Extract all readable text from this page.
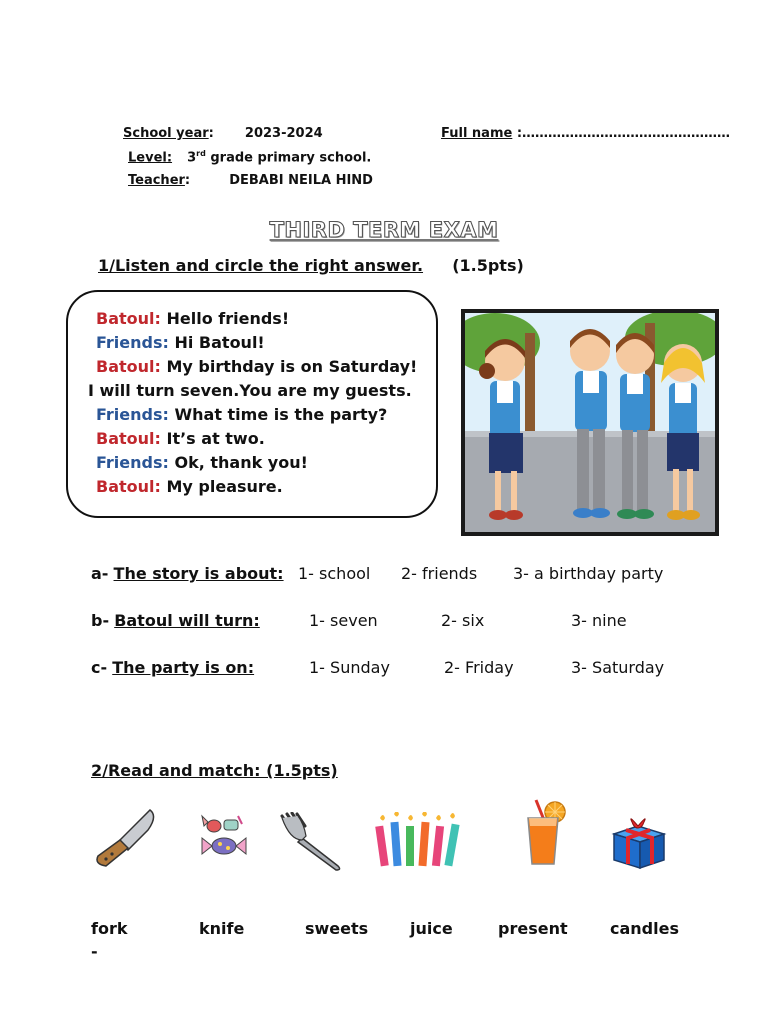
School year:  2023-2024	Full name :…………………………………………
Level: 3rd grade primary school.
Teacher:	DEBABI NEILA HIND
THIRD TERM EXAM
1/Listen and circle the right answer. (1.5pts)
Batoul: Hello friends!
Friends: Hi Batoul!
Batoul: My birthday is on Saturday!
I will turn seven.You are my guests.
Friends: What time is the party?
Batoul: It’s at two.
Friends: Ok, thank you!
Batoul: My pleasure.
a- The story is about: 1- school 2- friends 3- a birthday party
b- Batoul will turn:	1- seven	2- six	3- nine
c- The party is on:	1- Sunday	2- Friday	3- Saturday
2/Read and match: (1.5pts)
fork	knife	sweets	juice	present	candles
-
